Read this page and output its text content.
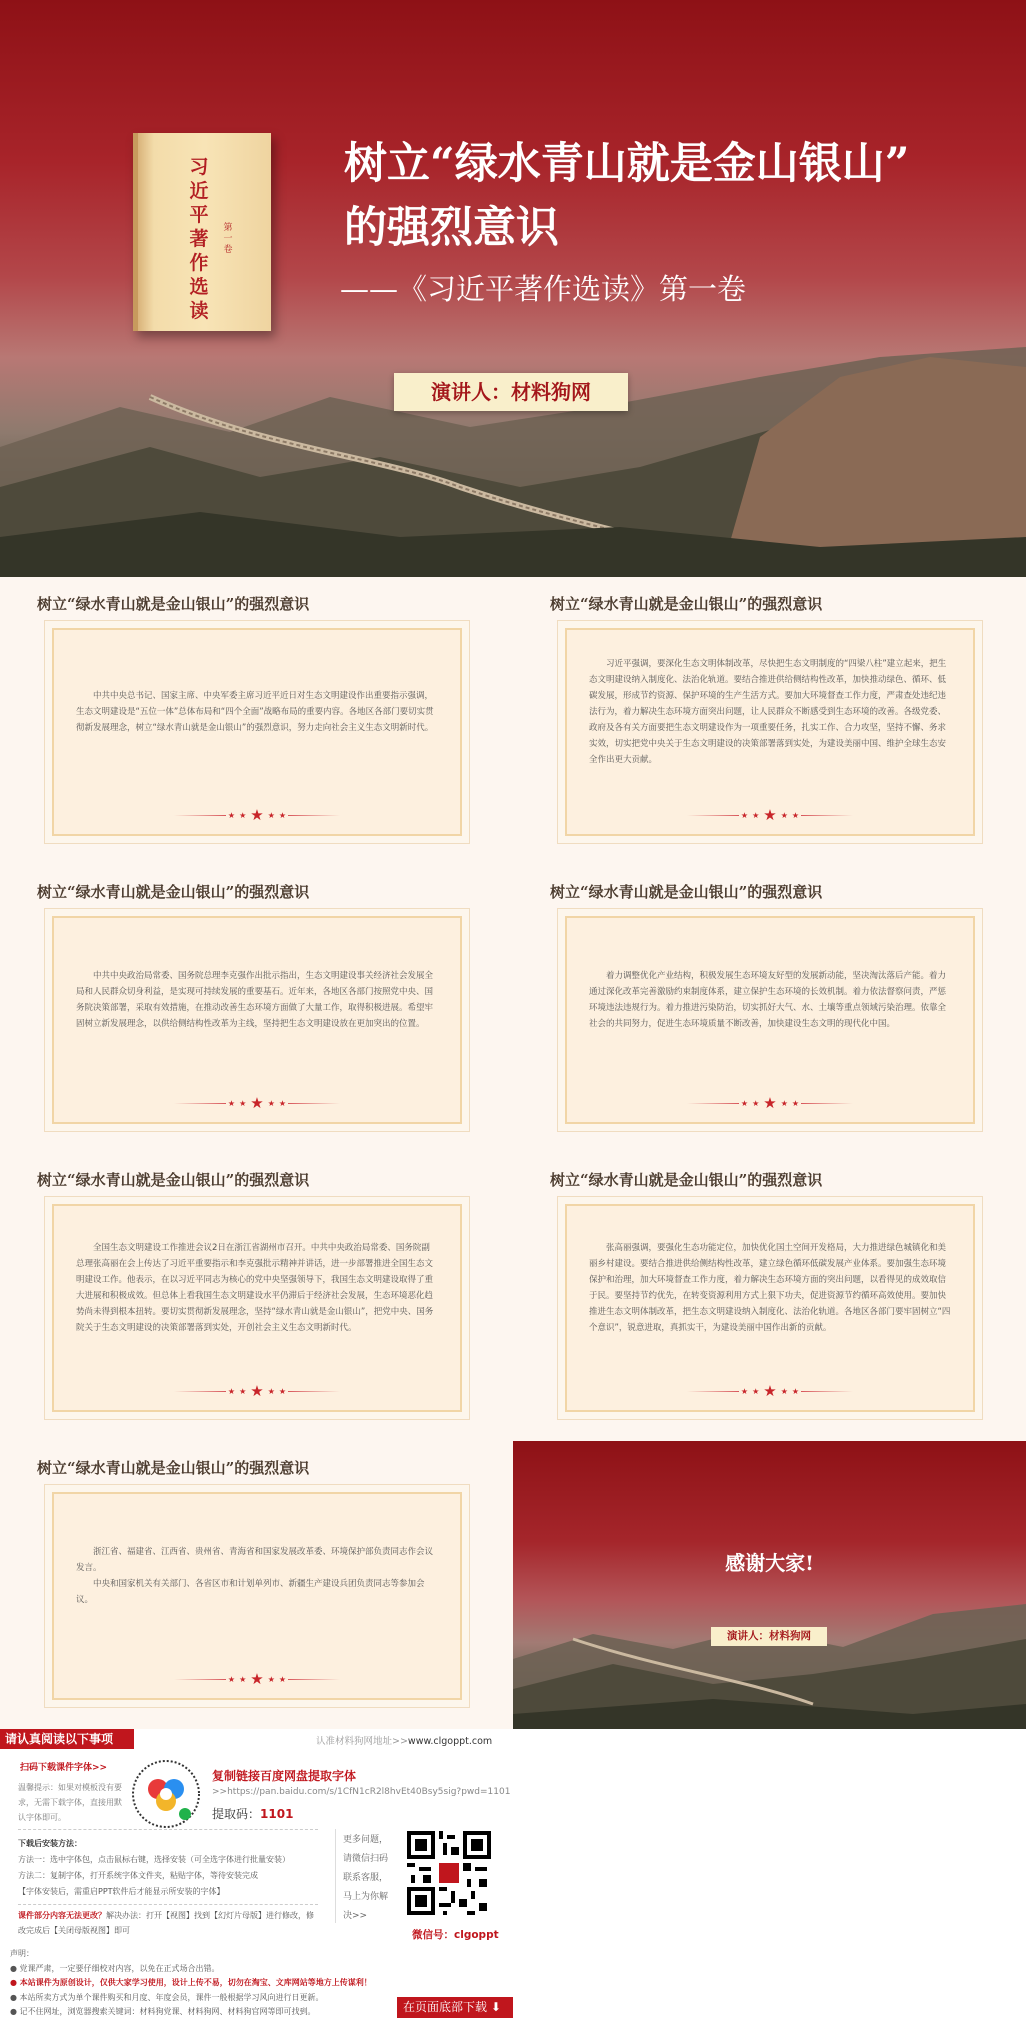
习近平著作选读
第一卷
树立“绿水青山就是金山银山”
的强烈意识
——《习近平著作选读》第一卷
演讲人：材料狗网
树立“绿水青山就是金山银山”的强烈意识

中共中央总书记、国家主席、中央军委主席习近平近日对生态文明建设作出重要指示强调，生态文明建设是“五位一体”总体布局和“四个全面”战略布局的重要内容。各地区各部门要切实贯彻新发展理念，树立“绿水青山就是金山银山”的强烈意识，努力走向社会主义生态文明新时代。

★ ★ ★ ★ ★
树立“绿水青山就是金山银山”的强烈意识

习近平强调，要深化生态文明体制改革，尽快把生态文明制度的“四梁八柱”建立起来，把生态文明建设纳入制度化、法治化轨道。要结合推进供给侧结构性改革，加快推动绿色、循环、低碳发展，形成节约资源、保护环境的生产生活方式。要加大环境督查工作力度，严肃查处违纪违法行为，着力解决生态环境方面突出问题，让人民群众不断感受到生态环境的改善。各级党委、政府及各有关方面要把生态文明建设作为一项重要任务，扎实工作、合力攻坚，坚持不懈、务求实效，切实把党中央关于生态文明建设的决策部署落到实处，为建设美丽中国、维护全球生态安全作出更大贡献。

★ ★ ★ ★ ★
树立“绿水青山就是金山银山”的强烈意识

中共中央政治局常委、国务院总理李克强作出批示指出，生态文明建设事关经济社会发展全局和人民群众切身利益，是实现可持续发展的重要基石。近年来，各地区各部门按照党中央、国务院决策部署，采取有效措施，在推动改善生态环境方面做了大量工作，取得积极进展。希望牢固树立新发展理念，以供给侧结构性改革为主线，坚持把生态文明建设放在更加突出的位置。

★ ★ ★ ★ ★
树立“绿水青山就是金山银山”的强烈意识

着力调整优化产业结构，积极发展生态环境友好型的发展新动能，坚决淘汰落后产能。着力通过深化改革完善激励约束制度体系，建立保护生态环境的长效机制。着力依法督察问责，严惩环境违法违规行为。着力推进污染防治，切实抓好大气、水、土壤等重点领域污染治理。依靠全社会的共同努力，促进生态环境质量不断改善，加快建设生态文明的现代化中国。

★ ★ ★ ★ ★
树立“绿水青山就是金山银山”的强烈意识

全国生态文明建设工作推进会议2日在浙江省湖州市召开。中共中央政治局常委、国务院副总理张高丽在会上传达了习近平重要指示和李克强批示精神并讲话，进一步部署推进全国生态文明建设工作。他表示，在以习近平同志为核心的党中央坚强领导下，我国生态文明建设取得了重大进展和积极成效。但总体上看我国生态文明建设水平仍滞后于经济社会发展，生态环境恶化趋势尚未得到根本扭转。要切实贯彻新发展理念，坚持“绿水青山就是金山银山”，把党中央、国务院关于生态文明建设的决策部署落到实处，开创社会主义生态文明新时代。

★ ★ ★ ★ ★
树立“绿水青山就是金山银山”的强烈意识

张高丽强调，要强化生态功能定位，加快优化国土空间开发格局，大力推进绿色城镇化和美丽乡村建设。要结合推进供给侧结构性改革，建立绿色循环低碳发展产业体系。要加强生态环境保护和治理，加大环境督查工作力度，着力解决生态环境方面的突出问题，以看得见的成效取信于民。要坚持节约优先，在转变资源利用方式上狠下功夫，促进资源节约循环高效使用。要加快推进生态文明体制改革，把生态文明建设纳入制度化、法治化轨道。各地区各部门要牢固树立“四个意识”，锐意进取，真抓实干，为建设美丽中国作出新的贡献。

★ ★ ★ ★ ★
树立“绿水青山就是金山银山”的强烈意识

浙江省、福建省、江西省、贵州省、青海省和国家发展改革委、环境保护部负责同志作会议发言。

中央和国家机关有关部门、各省区市和计划单列市、新疆生产建设兵团负责同志等参加会议。

★ ★ ★ ★ ★
感谢大家!
演讲人：材料狗网
请认真阅读以下事项	认准材料狗网地址>>www.clgoppt.com
扫码下载课件字体>>
温馨提示：如果对模板没有要求，无需下载字体，直接用默认字体即可。
复制链接百度网盘提取字体
>>https://pan.baidu.com/s/1CfN1cR2l8hvEt40Bsy5sig?pwd=1101
提取码：1101
下载后安装方法：
方法一：选中字体包，点击鼠标右键，选择安装（可全选字体进行批量安装）
方法二：复制字体，打开系统字体文件夹，粘贴字体，等待安装完成
【字体安装后，需重启PPT软件后才能显示所安装的字体】
课件部分内容无法更改？解决办法：打开【视图】找到【幻灯片母版】进行修改，修改完成后【关闭母版视图】即可
更多问题，请微信扫码联系客服，马上为你解决>>
微信号：clgoppt
声明：
● 党课严肃，一定要仔细校对内容，以免在正式场合出错。
● 本站课件为原创设计，仅供大家学习使用，设计上传不易，切勿在淘宝、文库网站等地方上传谋利！
● 本站所卖方式为单个课件购买和月度、年度会员，课件一般根据学习风向进行日更新。
● 记不住网址，浏览器搜索关键词：材料狗党课、材料狗网、材料狗官网等即可找到。	在页面底部下载 ⬇
